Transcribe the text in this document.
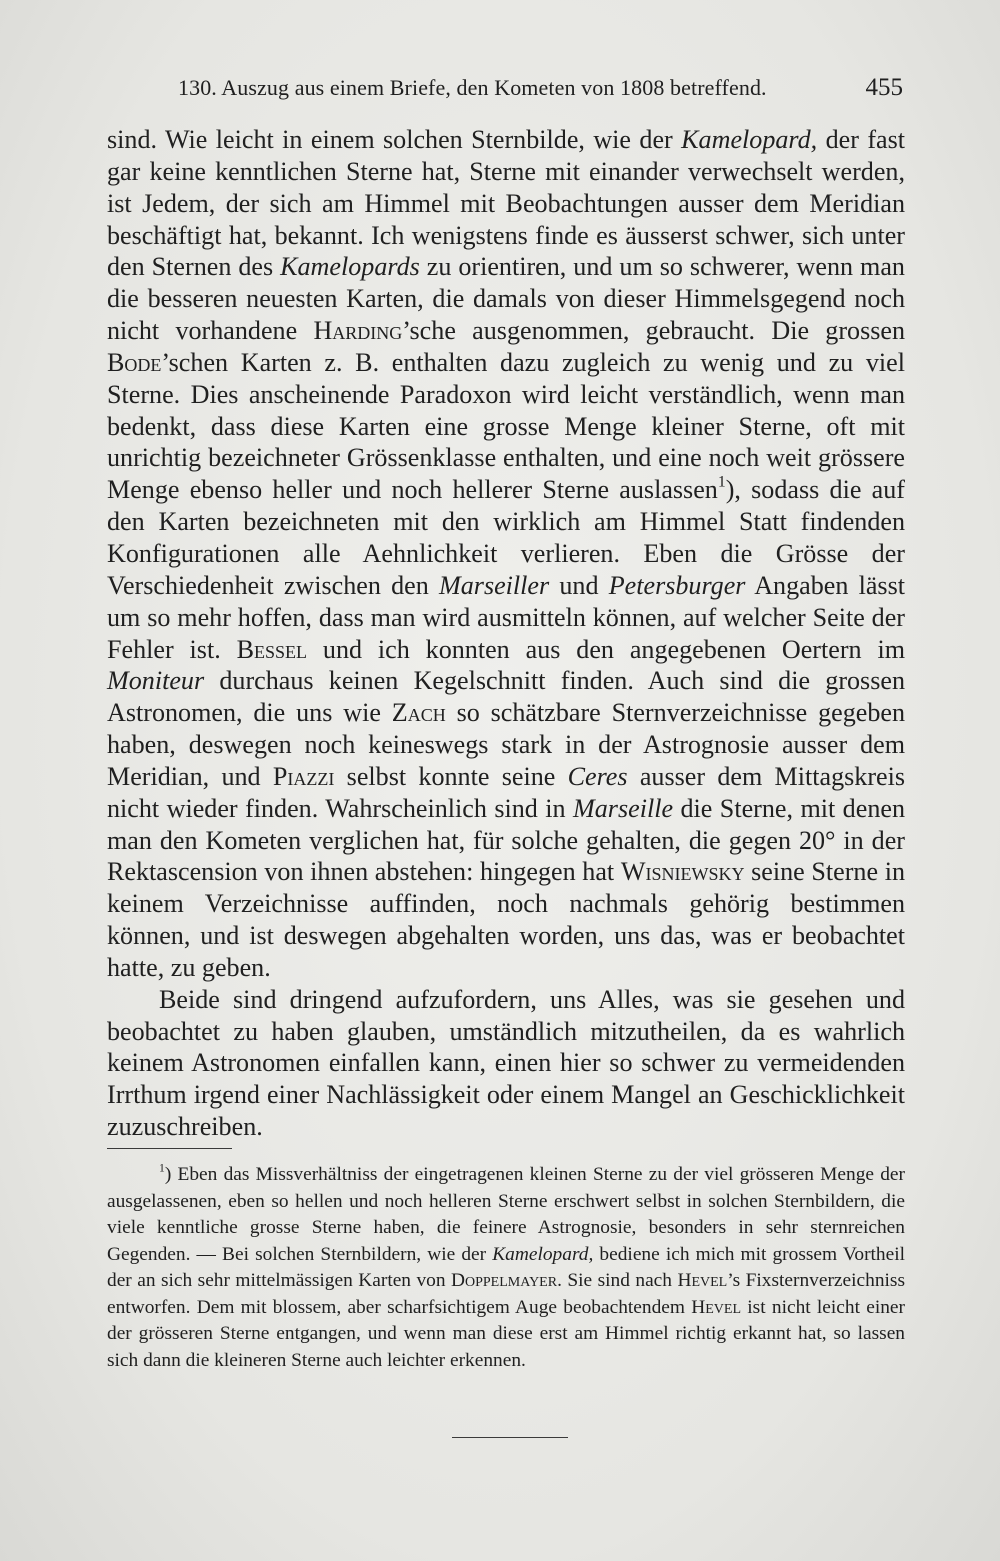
130. Auszug aus einem Briefe, den Kometen von 1808 betreffend.	455

sind. Wie leicht in einem solchen Sternbilde, wie der Kamelopard, der fast gar keine kenntlichen Sterne hat, Sterne mit einander verwechselt werden, ist Jedem, der sich am Himmel mit Beobachtungen ausser dem Meridian beschäftigt hat, bekannt. Ich wenigstens finde es äusserst schwer, sich unter den Sternen des Kamelopards zu orientiren, und um so schwerer, wenn man die besseren neuesten Karten, die damals von dieser Himmelsgegend noch nicht vorhandene Harding’sche ausgenommen, gebraucht. Die grossen Bode’schen Karten z. B. enthalten dazu zugleich zu wenig und zu viel Sterne. Dies anscheinende Paradoxon wird leicht verständlich, wenn man bedenkt, dass diese Karten eine grosse Menge kleiner Sterne, oft mit unrichtig bezeichneter Grössenklasse enthalten, und eine noch weit grössere Menge ebenso heller und noch hellerer Sterne auslassen$^1$), sodass die auf den Karten bezeichneten mit den wirklich am Himmel Statt findenden Konfigurationen alle Aehnlichkeit verlieren. Eben die Grösse der Verschiedenheit zwischen den Marseiller und Petersburger Angaben lässt um so mehr hoffen, dass man wird ausmitteln können, auf welcher Seite der Fehler ist. Bessel und ich konnten aus den angegebenen Oertern im Moniteur durchaus keinen Kegelschnitt finden. Auch sind die grossen Astronomen, die uns wie Zach so schätzbare Sternverzeichnisse gegeben haben, deswegen noch keineswegs stark in der Astrognosie ausser dem Meridian, und Piazzi selbst konnte seine Ceres ausser dem Mittagskreis nicht wieder finden. Wahrscheinlich sind in Marseille die Sterne, mit denen man den Kometen verglichen hat, für solche gehalten, die gegen 20° in der Rektascension von ihnen abstehen: hingegen hat Wisniewsky seine Sterne in keinem Verzeichnisse auffinden, noch nachmals gehörig bestimmen können, und ist deswegen abgehalten worden, uns das, was er beobachtet hatte, zu geben.

Beide sind dringend aufzufordern, uns Alles, was sie gesehen und beobachtet zu haben glauben, umständlich mitzutheilen, da es wahrlich keinem Astronomen einfallen kann, einen hier so schwer zu vermeidenden Irrthum irgend einer Nachlässigkeit oder einem Mangel an Geschicklichkeit zuzuschreiben.

$^1$) Eben das Missverhältniss der eingetragenen kleinen Sterne zu der viel grösseren Menge der ausgelassenen, eben so hellen und noch helleren Sterne erschwert selbst in solchen Sternbildern, die viele kenntliche grosse Sterne haben, die feinere Astrognosie, besonders in sehr sternreichen Gegenden. — Bei solchen Sternbildern, wie der Kamelopard, bediene ich mich mit grossem Vortheil der an sich sehr mittelmässigen Karten von Doppelmayer. Sie sind nach Hevel’s Fixsternverzeichniss entworfen. Dem mit blossem, aber scharfsichtigem Auge beobachtendem Hevel ist nicht leicht einer der grösseren Sterne entgangen, und wenn man diese erst am Himmel richtig erkannt hat, so lassen sich dann die kleineren Sterne auch leichter erkennen.
